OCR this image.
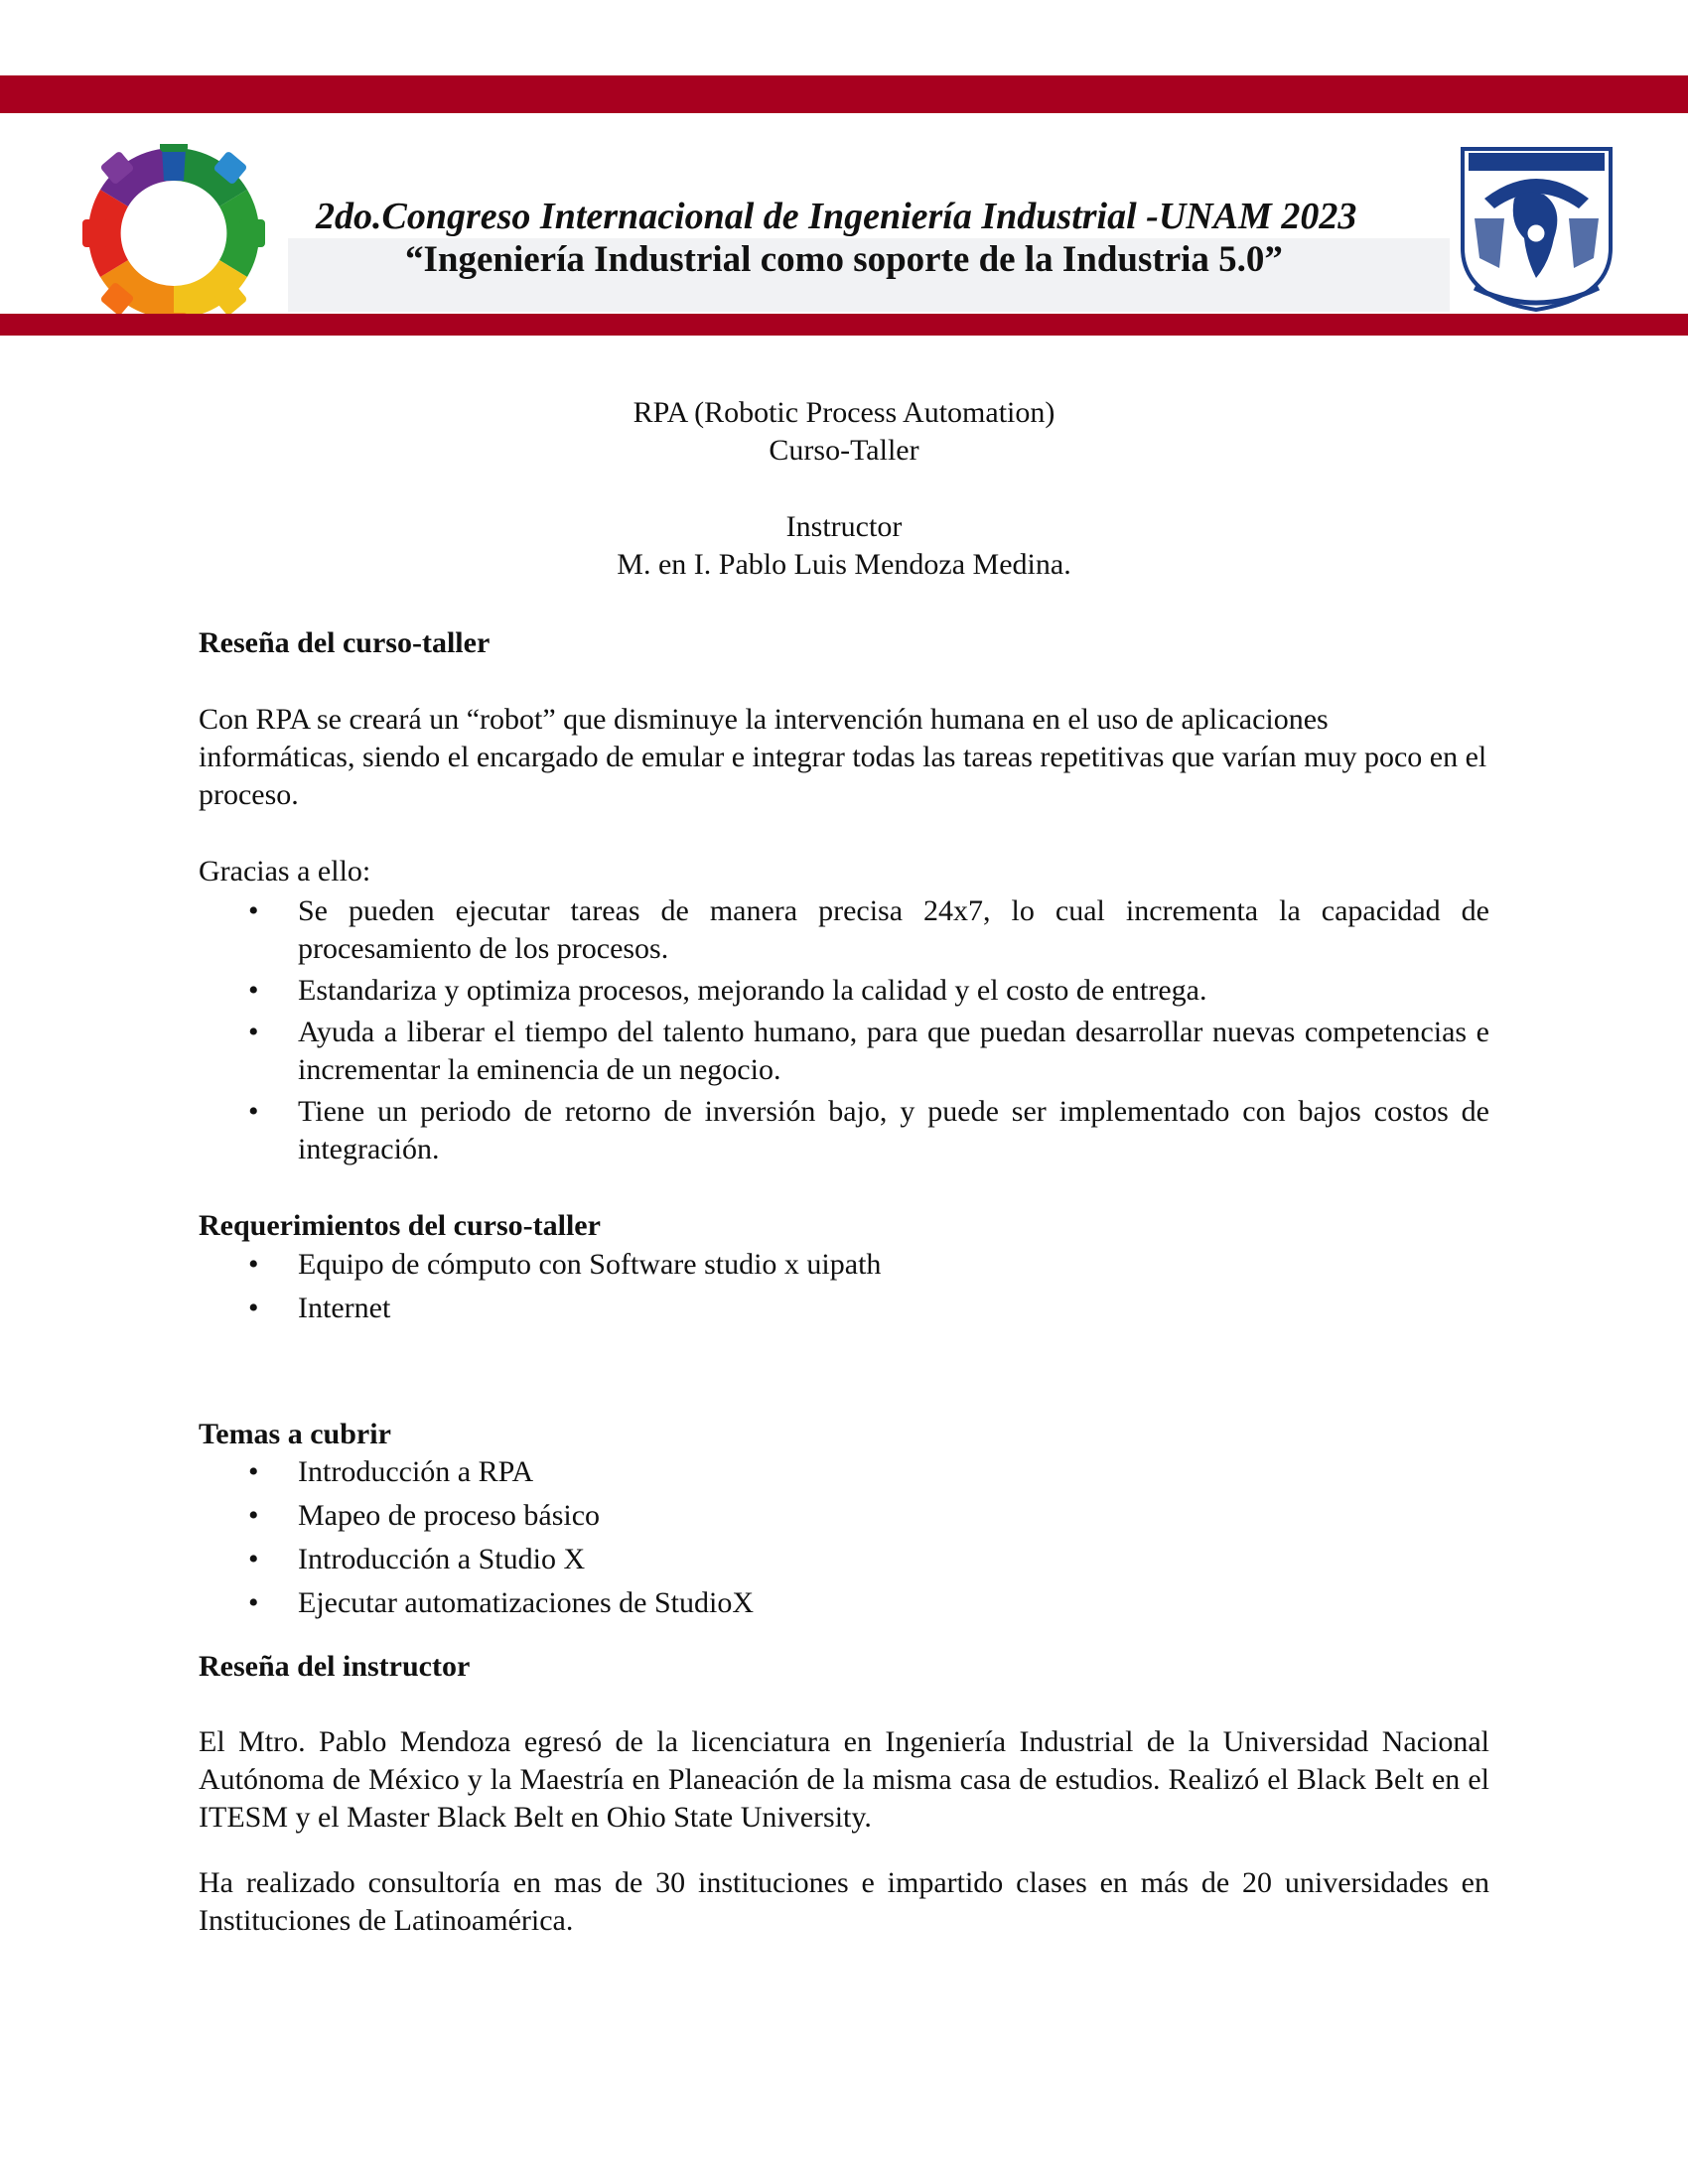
2do.Congreso Internacional de Ingeniería Industrial -UNAM 2023
“Ingeniería Industrial como soporte de la Industria 5.0”
RPA (Robotic Process Automation)
Curso-Taller
Instructor
M. en I. Pablo Luis Mendoza Medina.
Reseña del curso-taller
Con RPA se creará un “robot” que disminuye la intervención humana en el uso de aplicaciones informáticas, siendo el encargado de emular e integrar todas las tareas repetitivas que varían muy poco en el proceso.
Gracias a ello:
• Se pueden ejecutar tareas de manera precisa 24x7, lo cual incrementa la capacidad de procesamiento de los procesos.
• Estandariza y optimiza procesos, mejorando la calidad y el costo de entrega.
• Ayuda a liberar el tiempo del talento humano, para que puedan desarrollar nuevas competencias e incrementar la eminencia de un negocio.
• Tiene un periodo de retorno de inversión bajo, y puede ser implementado con bajos costos de integración.
Requerimientos del curso-taller
• Equipo de cómputo con Software studio x uipath
• Internet
Temas a cubrir
• Introducción a RPA
• Mapeo de proceso básico
• Introducción a Studio X
• Ejecutar automatizaciones de StudioX
Reseña del instructor
El Mtro. Pablo Mendoza egresó de la licenciatura en Ingeniería Industrial de la Universidad Nacional Autónoma de México y la Maestría en Planeación de la misma casa de estudios. Realizó el Black Belt en el ITESM y el Master Black Belt en Ohio State University.
Ha realizado consultoría en mas de 30 instituciones e impartido clases en más de 20 universidades en Instituciones de Latinoamérica.
